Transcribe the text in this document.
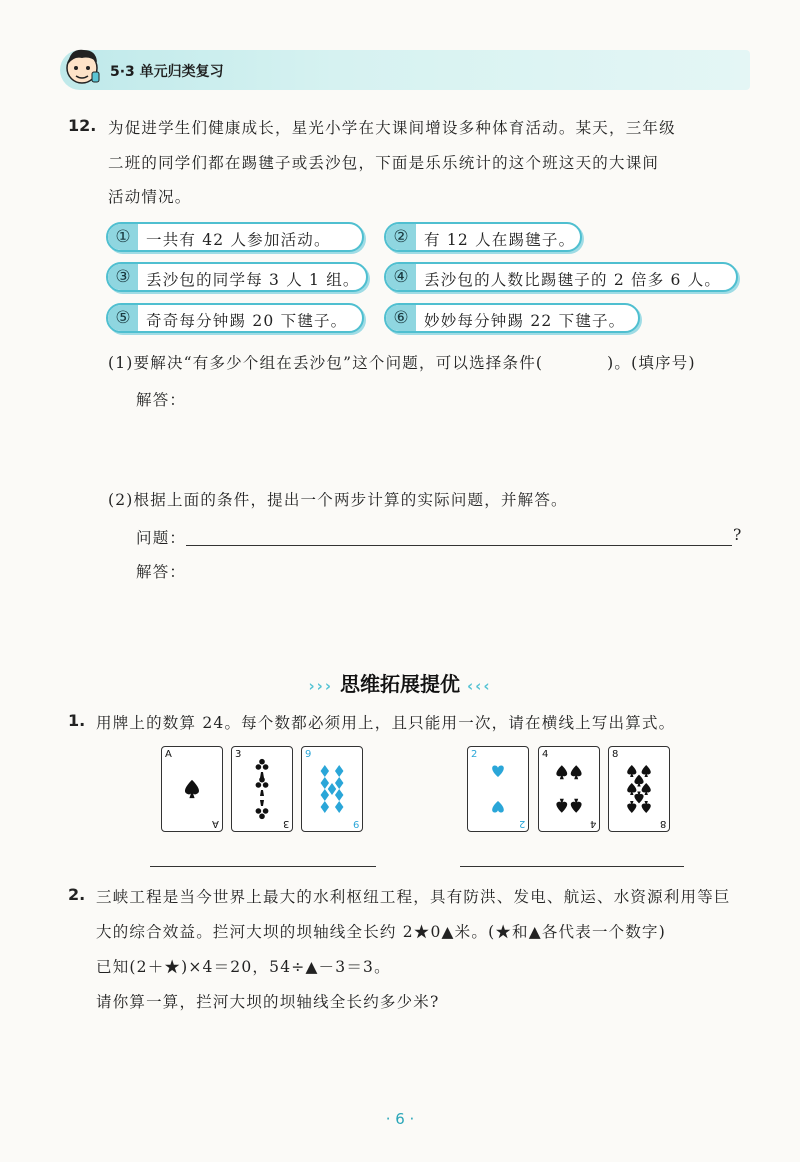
5·3 单元归类复习
12. 为促进学生们健康成长，星光小学在大课间增设多种体育活动。某天，三年级
二班的同学们都在踢毽子或丢沙包，下面是乐乐统计的这个班这天的大课间
活动情况。
① 一共有 42 人参加活动。	② 有 12 人在踢毽子。
③ 丢沙包的同学每 3 人 1 组。	④ 丢沙包的人数比踢毽子的 2 倍多 6 人。
⑤ 奇奇每分钟踢 20 下毽子。	⑥ 妙妙每分钟踢 22 下毽子。
(1)要解决“有多少个组在丢沙包”这个问题，可以选择条件(	)。(填序号)
解答：
(2)根据上面的条件，提出一个两步计算的实际问题，并解答。
问题：	?
解答：
››› 思维拓展提优 ‹‹‹
1. 用牌上的数算 24。每个数都必须用上，且只能用一次，请在横线上写出算式。
A
A
3
3
9
9
2
2
4
4
8
8
2. 三峡工程是当今世界上最大的水利枢纽工程，具有防洪、发电、航运、水资源利用等巨
大的综合效益。拦河大坝的坝轴线全长约 2★0▲米。(★和▲各代表一个数字)
已知(2＋★)×4＝20，54÷▲－3＝3。
请你算一算，拦河大坝的坝轴线全长约多少米?
· 6 ·
